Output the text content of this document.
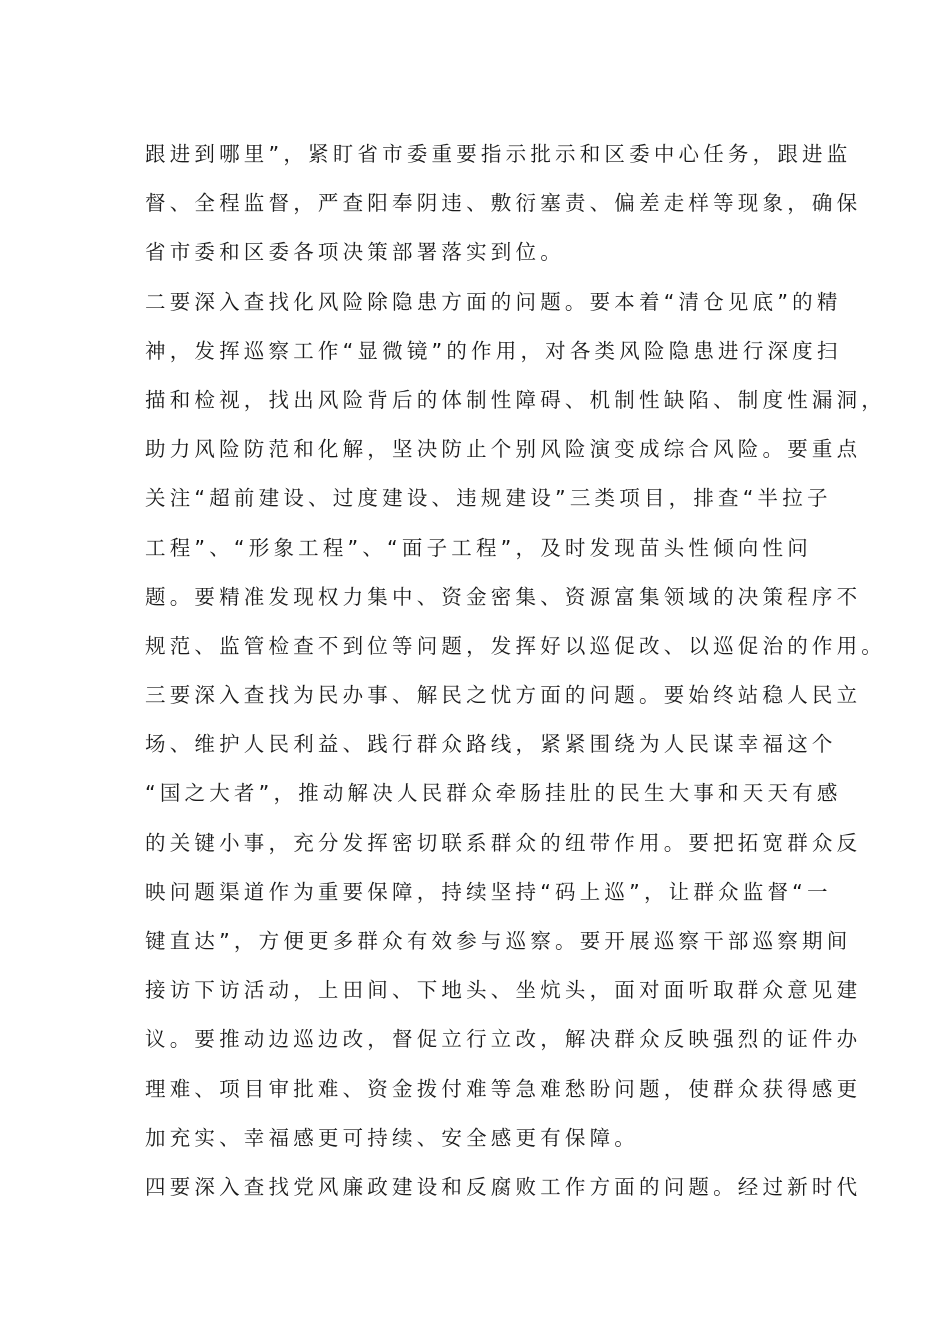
跟进到哪里”，紧盯省市委重要指示批示和区委中心任务，跟进监
督、全程监督，严查阳奉阴违、敷衍塞责、偏差走样等现象，确保
省市委和区委各项决策部署落实到位。
二要深入查找化风险除隐患方面的问题。要本着“清仓见底”的精
神，发挥巡察工作“显微镜”的作用，对各类风险隐患进行深度扫
描和检视，找出风险背后的体制性障碍、机制性缺陷、制度性漏洞，
助力风险防范和化解，坚决防止个别风险演变成综合风险。要重点
关注“超前建设、过度建设、违规建设”三类项目，排查“半拉子
工程”、“形象工程”、“面子工程”，及时发现苗头性倾向性问
题。要精准发现权力集中、资金密集、资源富集领域的决策程序不
规范、监管检查不到位等问题，发挥好以巡促改、以巡促治的作用。
三要深入查找为民办事、解民之忧方面的问题。要始终站稳人民立
场、维护人民利益、践行群众路线，紧紧围绕为人民谋幸福这个
“国之大者”，推动解决人民群众牵肠挂肚的民生大事和天天有感
的关键小事，充分发挥密切联系群众的纽带作用。要把拓宽群众反
映问题渠道作为重要保障，持续坚持“码上巡”，让群众监督“一
键直达”，方便更多群众有效参与巡察。要开展巡察干部巡察期间
接访下访活动，上田间、下地头、坐炕头，面对面听取群众意见建
议。要推动边巡边改，督促立行立改，解决群众反映强烈的证件办
理难、项目审批难、资金拨付难等急难愁盼问题，使群众获得感更
加充实、幸福感更可持续、安全感更有保障。
四要深入查找党风廉政建设和反腐败工作方面的问题。经过新时代
